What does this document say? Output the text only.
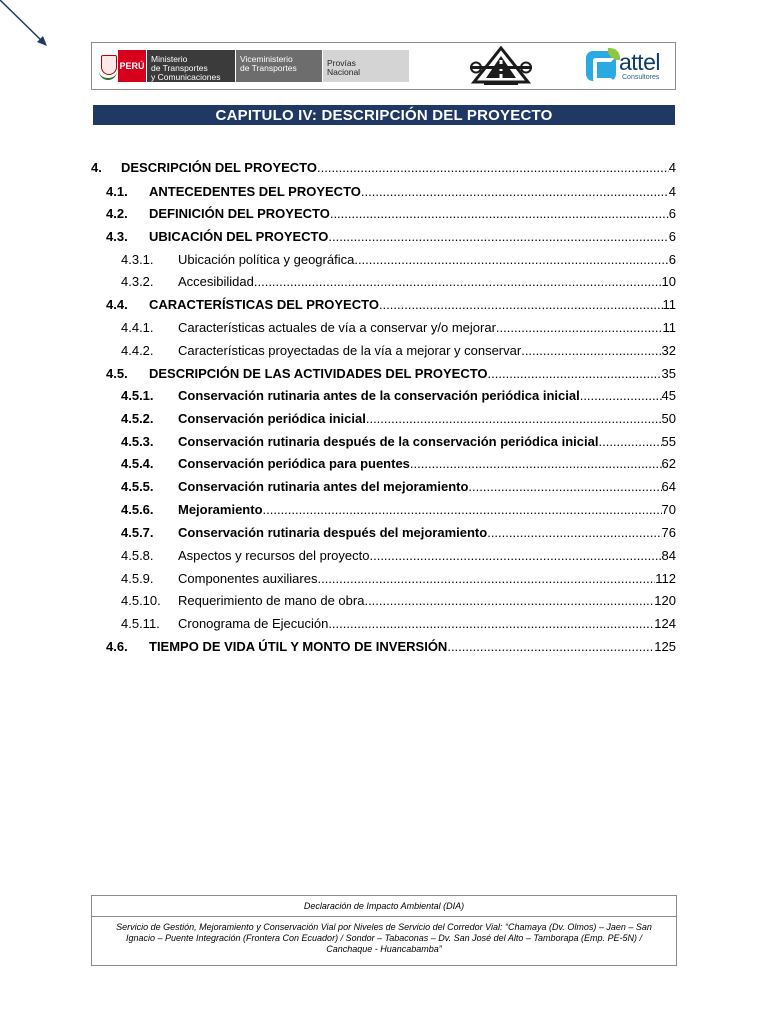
PERÚ
Ministerio
de Transportes
y Comunicaciones
Viceministerio
de Transportes	Provías
Nacional	attel
Consultores
CAPITULO IV: DESCRIPCIÓN DEL PROYECTO
4.	DESCRIPCIÓN DEL PROYECTO .....	4
4.1.	ANTECEDENTES DEL PROYECTO .....	4
4.2.	DEFINICIÓN DEL PROYECTO .....	6
4.3.	UBICACIÓN DEL PROYECTO .....	6
4.3.1.	Ubicación política y geográfica .....	6
4.3.2.	Accesibilidad .....	10
4.4.	CARACTERÍSTICAS DEL PROYECTO .....	11
4.4.1.	Características actuales de vía a conservar y/o mejorar .....	11
4.4.2.	Características proyectadas de la vía a mejorar y conservar .....	32
4.5.	DESCRIPCIÓN DE LAS ACTIVIDADES DEL PROYECTO .....	35
4.5.1.	Conservación rutinaria antes de la conservación periódica inicial .....	45
4.5.2.	Conservación periódica inicial .....	50
4.5.3.	Conservación rutinaria después de la conservación periódica inicial .....	55
4.5.4.	Conservación periódica para puentes .....	62
4.5.5.	Conservación rutinaria antes del mejoramiento .....	64
4.5.6.	Mejoramiento .....	70
4.5.7.	Conservación rutinaria después del mejoramiento .....	76
4.5.8.	Aspectos y recursos del proyecto .....	84
4.5.9.	Componentes auxiliares .....	112
4.5.10.	Requerimiento de mano de obra .....	120
4.5.11.	Cronograma de Ejecución .....	124
4.6.	TIEMPO DE VIDA ÚTIL Y MONTO DE INVERSIÓN .....	125
Declaración de Impacto Ambiental (DIA)
Servicio de Gestión, Mejoramiento y Conservación Vial por Niveles de Servicio del Corredor Vial: “Chamaya (Dv. Olmos) – Jaen – San Ignacio – Puente Integración (Frontera Con Ecuador) / Sondor – Tabaconas – Dv. San José del Alto – Tamborapa (Emp. PE-5N) / Canchaque - Huancabamba”
